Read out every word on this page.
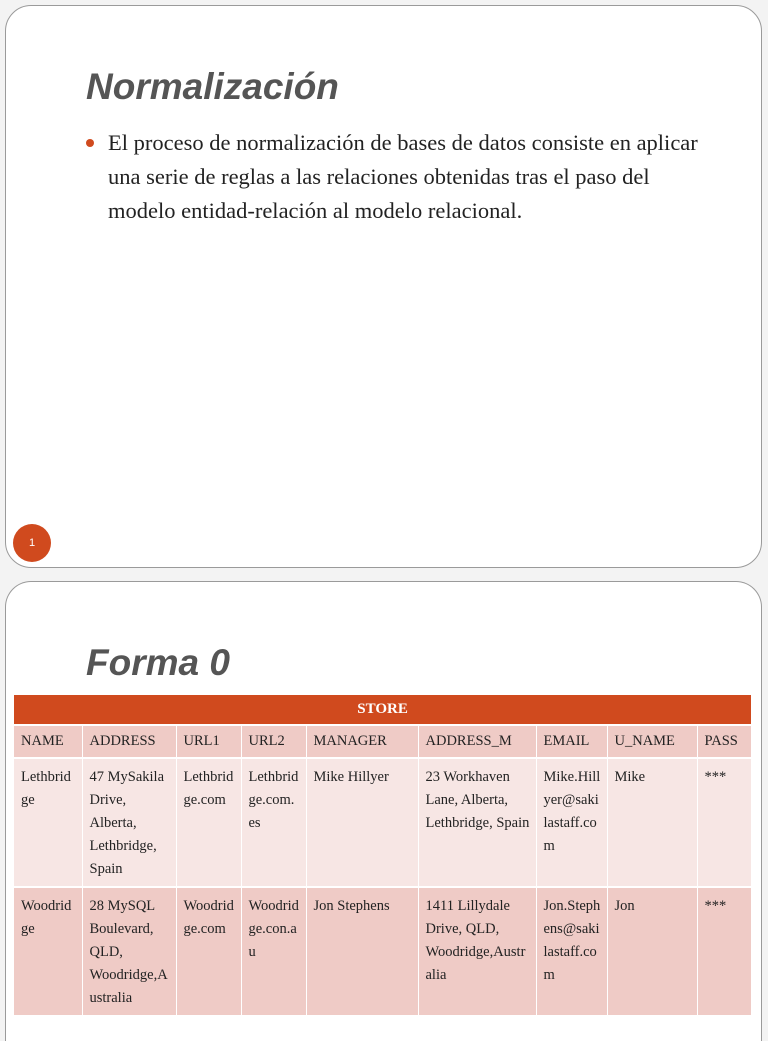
Normalización
El proceso de normalización de bases de datos consiste en aplicar una serie de reglas a las relaciones obtenidas tras el paso del modelo entidad-relación al modelo relacional.
1
Forma 0
STORE								
NAME	ADDRESS	URL1	URL2	MANAGER	ADDRESS_M	EMAIL	U_NAME	PASS
Lethbridge	47 MySakila Drive, Alberta, Lethbridge, Spain	Lethbridge.com	Lethbridge.com.es	Mike Hillyer	23 Workhaven Lane, Alberta, Lethbridge, Spain	Mike.Hillyer@sakilastaff.com	Mike	***
Woodridge	28 MySQL Boulevard, QLD, Woodridge,Australia	Woodridge.com	Woodridge.con.au	Jon Stephens	1411 Lillydale Drive, QLD, Woodridge,Australia	Jon.Stephens@sakilastaff.com	Jon	***
